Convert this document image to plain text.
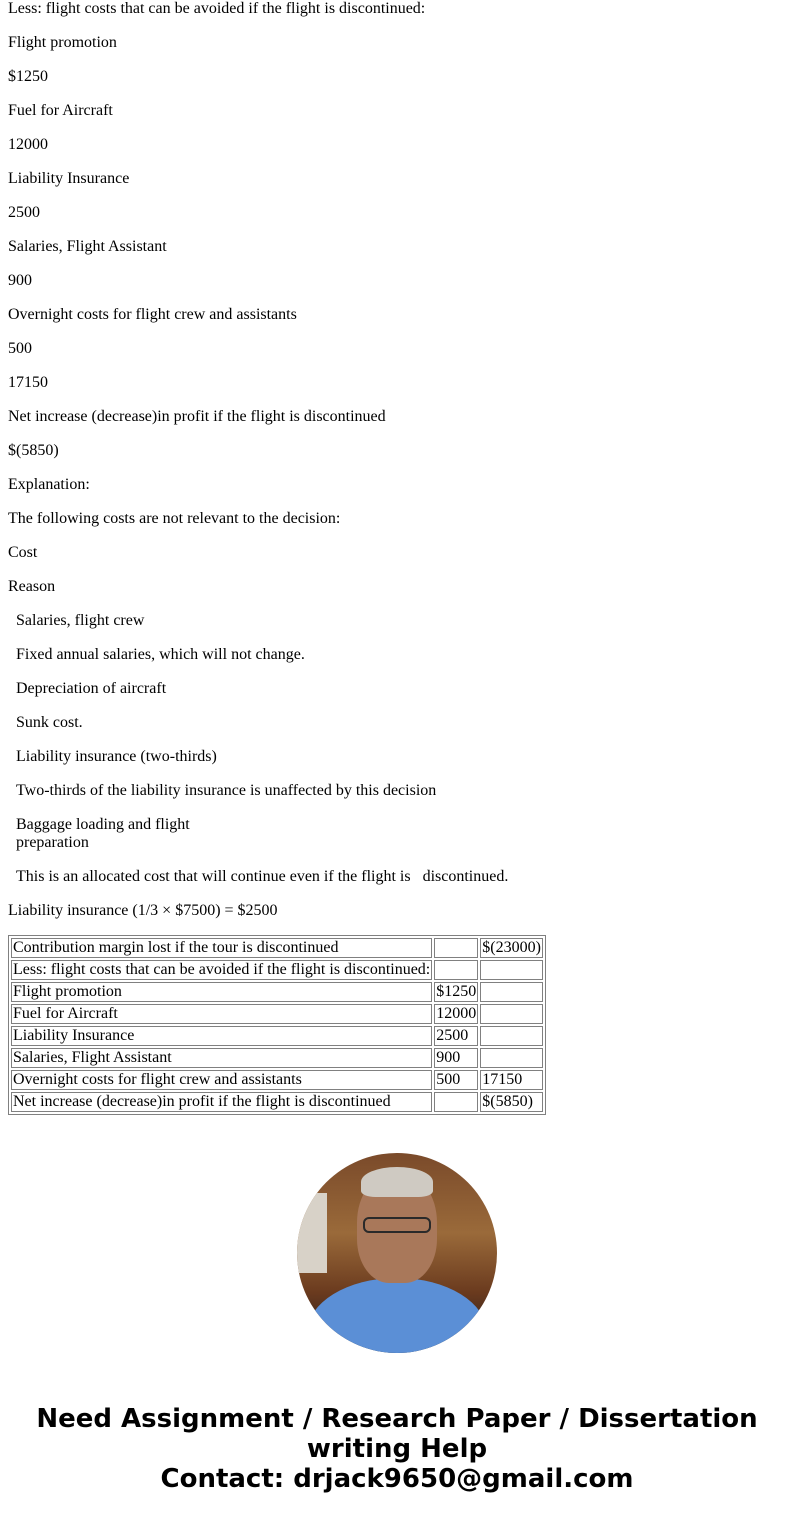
Less: flight costs that can be avoided if the flight is discontinued:

Flight promotion

$1250

Fuel for Aircraft

12000

Liability Insurance

2500

Salaries, Flight Assistant

900

Overnight costs for flight crew and assistants

500

17150

Net increase (decrease)in profit if the flight is discontinued

$(5850)

Explanation:

The following costs are not relevant to the decision:

Cost

Reason

Salaries, flight crew

Fixed annual salaries, which will not change.

Depreciation of aircraft

Sunk cost.

Liability insurance (two-thirds)

Two-thirds of the liability insurance is unaffected by this decision

Baggage loading and flight preparation

This is an allocated cost that will continue even if the flight is   discontinued.

Liability insurance (1/3 × $7500) = $2500

Contribution margin lost if the tour is discontinued		$(23000)
Less: flight costs that can be avoided if the flight is discontinued:		
Flight promotion	$1250	
Fuel for Aircraft	12000	
Liability Insurance	2500	
Salaries, Flight Assistant	900	
Overnight costs for flight crew and assistants	500	17150
Net increase (decrease)in profit if the flight is discontinued		$(5850)
Need Assignment / Research Paper / Dissertation
writing Help
Contact: drjack9650@gmail.com
